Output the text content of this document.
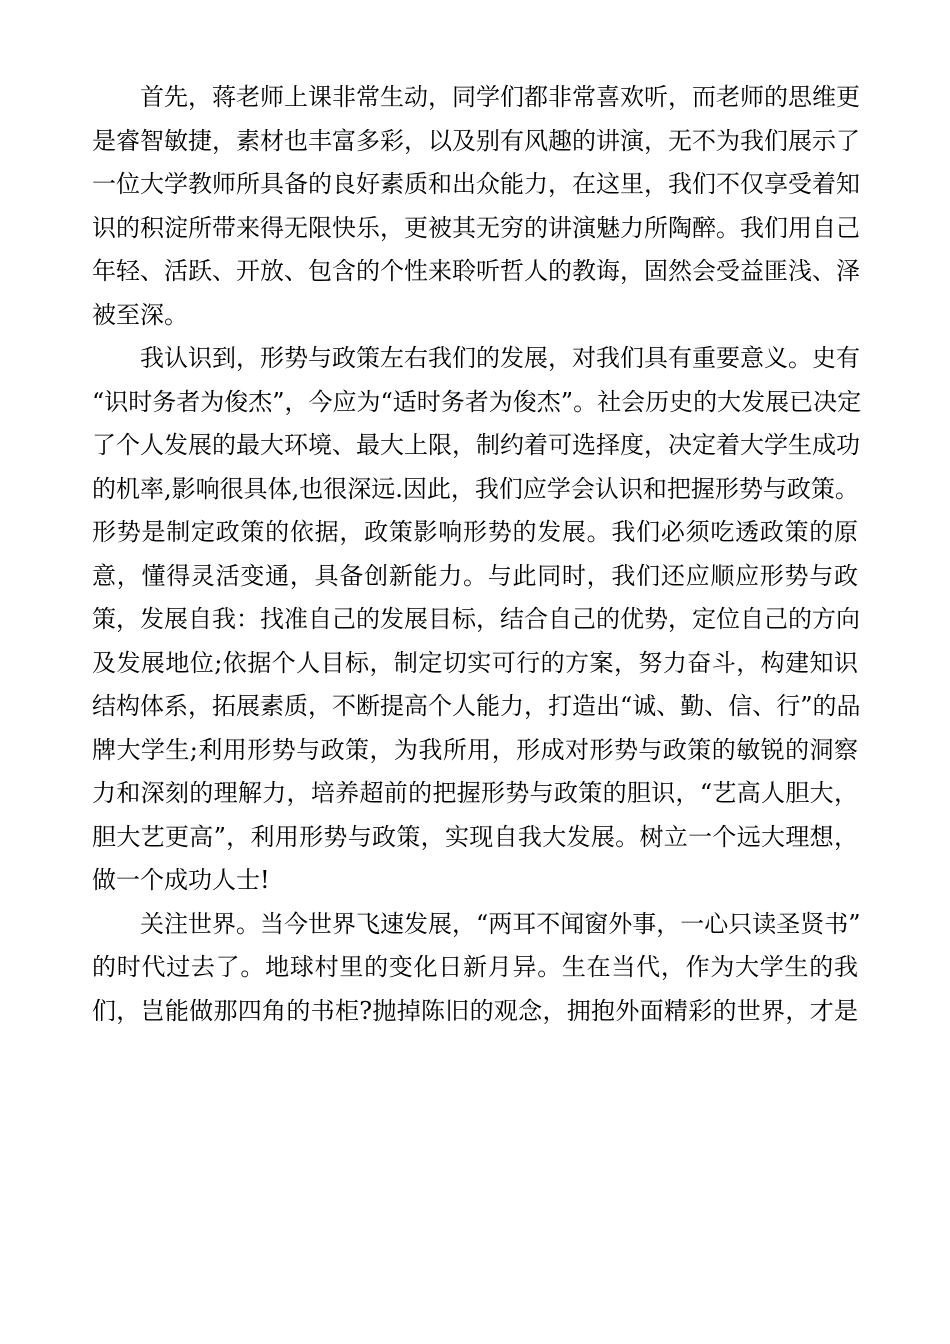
首先，蒋老师上课非常生动，同学们都非常喜欢听，而老师的思维更
是睿智敏捷，素材也丰富多彩，以及别有风趣的讲演，无不为我们展示了
一位大学教师所具备的良好素质和出众能力，在这里，我们不仅享受着知
识的积淀所带来得无限快乐，更被其无穷的讲演魅力所陶醉。我们用自己
年轻、活跃、开放、包含的个性来聆听哲人的教诲，固然会受益匪浅、泽
被至深。
我认识到，形势与政策左右我们的发展，对我们具有重要意义。史有
“识时务者为俊杰”，今应为“适时务者为俊杰”。社会历史的大发展已决定
了个人发展的最大环境、最大上限，制约着可选择度，决定着大学生成功
的机率,影响很具体,也很深远.因此，我们应学会认识和把握形势与政策。
形势是制定政策的依据，政策影响形势的发展。我们必须吃透政策的原
意，懂得灵活变通，具备创新能力。与此同时，我们还应顺应形势与政
策，发展自我：找准自己的发展目标，结合自己的优势，定位自己的方向
及发展地位;依据个人目标，制定切实可行的方案，努力奋斗，构建知识
结构体系，拓展素质，不断提高个人能力，打造出“诚、勤、信、行”的品
牌大学生;利用形势与政策，为我所用，形成对形势与政策的敏锐的洞察
力和深刻的理解力，培养超前的把握形势与政策的胆识，“艺高人胆大，
胆大艺更高”，利用形势与政策，实现自我大发展。树立一个远大理想，
做一个成功人士!
关注世界。当今世界飞速发展，“两耳不闻窗外事，一心只读圣贤书”
的时代过去了。地球村里的变化日新月异。生在当代，作为大学生的我
们，岂能做那四角的书柜?抛掉陈旧的观念，拥抱外面精彩的世界，才是
